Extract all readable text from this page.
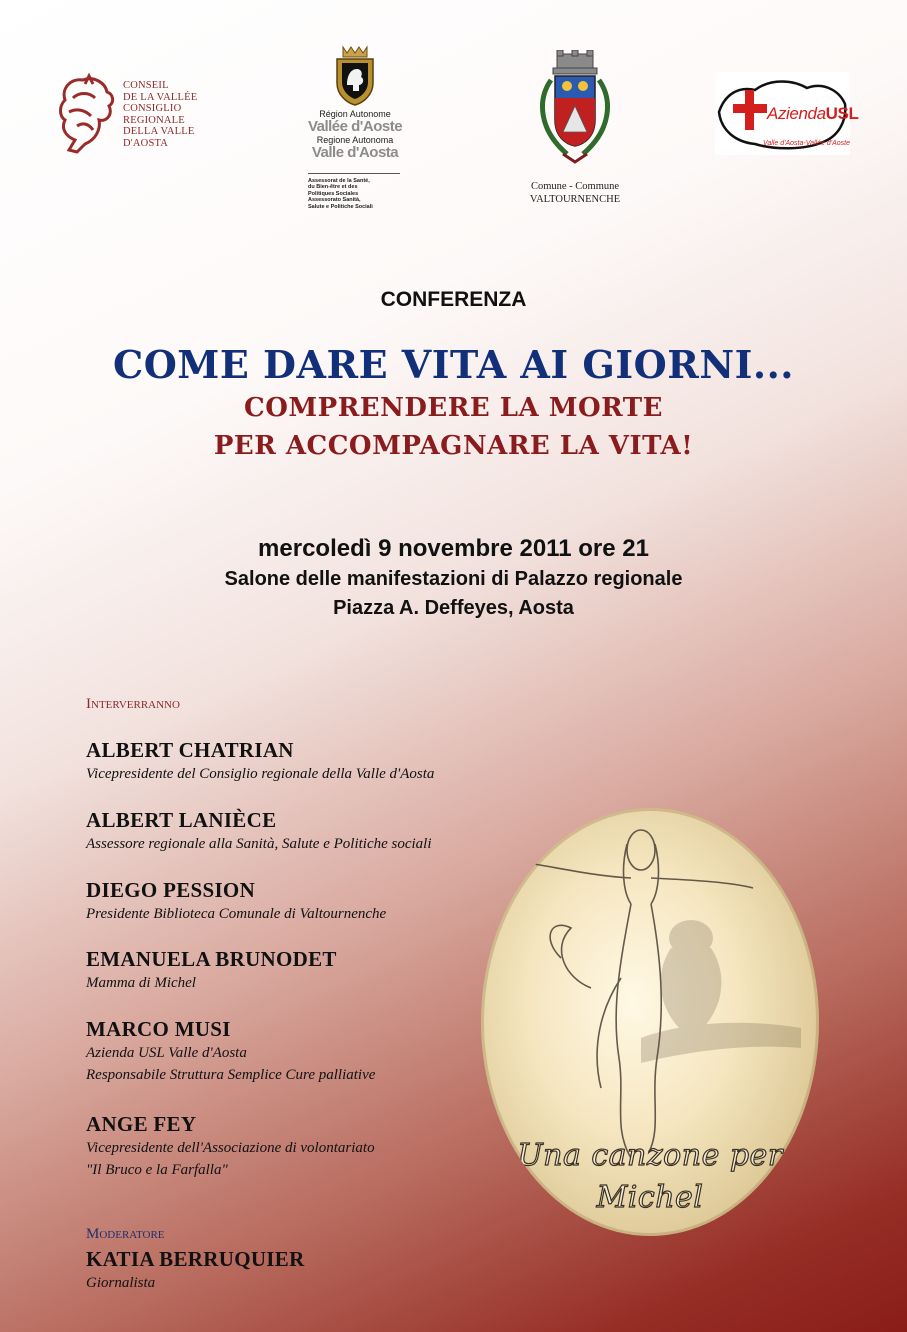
CONSEIL
DE LA VALLÉE
CONSIGLIO
REGIONALE
DELLA VALLE
D'AOSTA
Région Autonome
Vallée d'Aoste
Regione Autonoma
Valle d'Aosta
Assessorat de la Santé,
du Bien-être et des
Politiques Sociales
Assessorato Sanità,
Salute e Politiche Sociali
Comune - Commune
VALTOURNENCHE
AziendaUSL
Valle d'Aosta-Vallée d'Aoste
CONFERENZA
COME DARE VITA AI GIORNI...
COMPRENDERE LA MORTE
PER ACCOMPAGNARE LA VITA!
mercoledì 9 novembre 2011 ore 21
Salone delle manifestazioni di Palazzo regionale
Piazza A. Deffeyes, Aosta
Interverranno
ALBERT CHATRIAN
Vicepresidente del Consiglio regionale della Valle d'Aosta
ALBERT LANIÈCE
Assessore regionale alla Sanità, Salute e Politiche sociali
DIEGO PESSION
Presidente Biblioteca Comunale di Valtournenche
EMANUELA BRUNODET
Mamma di Michel
MARCO MUSI
Azienda USL Valle d'Aosta
Responsabile Struttura Semplice Cure palliative
ANGE FEY
Vicepresidente dell'Associazione di volontariato
"Il Bruco e la Farfalla"
Moderatore
KATIA BERRUQUIER
Giornalista
Una canzone per
Michel
